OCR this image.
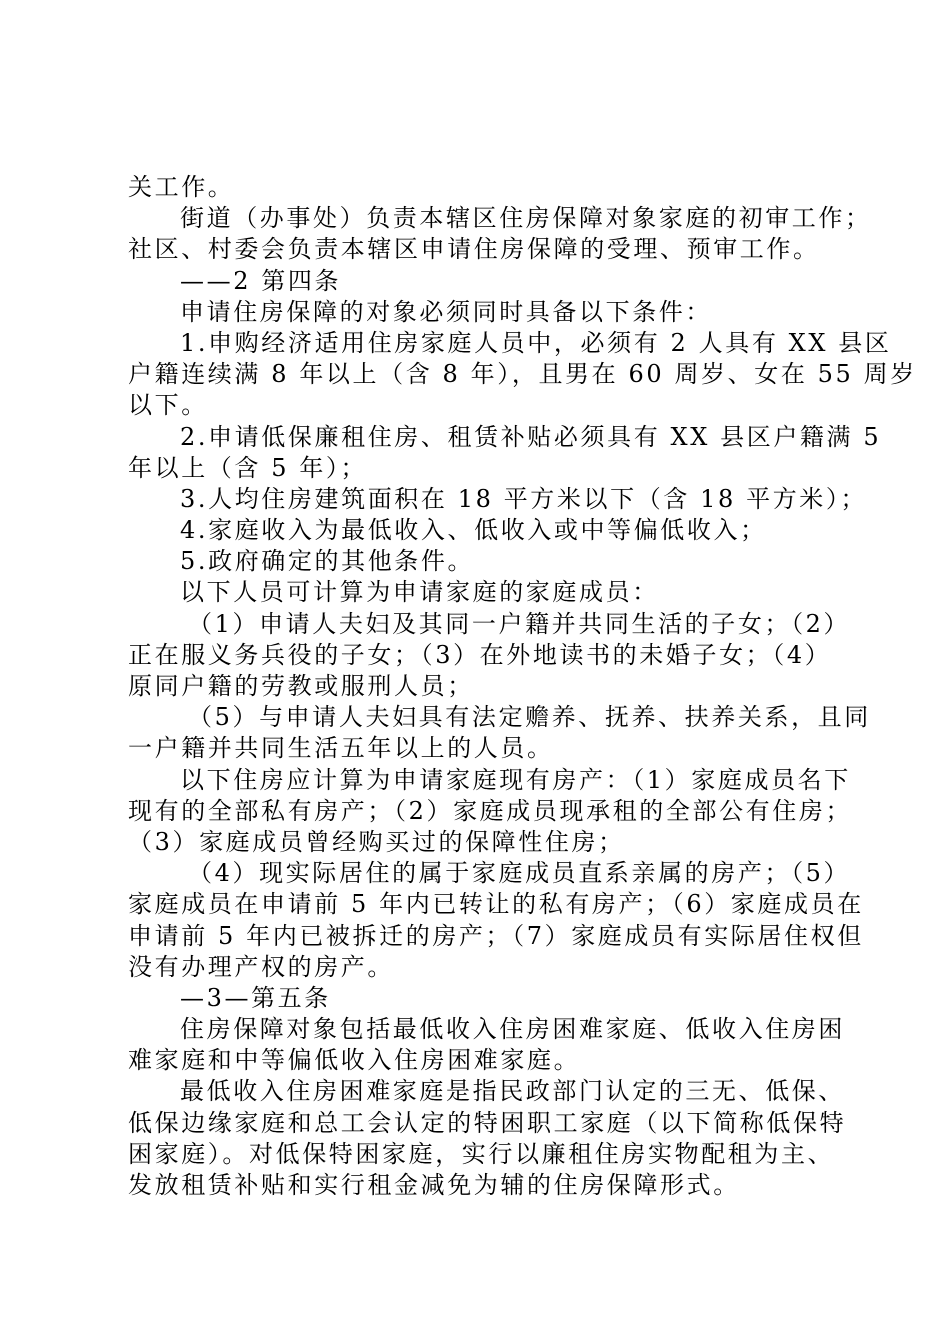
关工作。
街道（办事处）负责本辖区住房保障对象家庭的初审工作；
社区、村委会负责本辖区申请住房保障的受理、预审工作。
——2 第四条
申请住房保障的对象必须同时具备以下条件：
1.申购经济适用住房家庭人员中，必须有 2 人具有 XX 县区
户籍连续满 8 年以上（含 8 年），且男在 60 周岁、女在 55 周岁
以下。
2.申请低保廉租住房、租赁补贴必须具有 XX 县区户籍满 5
年以上（含 5 年）；
3.人均住房建筑面积在 18 平方米以下（含 18 平方米）；
4.家庭收入为最低收入、低收入或中等偏低收入；
5.政府确定的其他条件。
以下人员可计算为申请家庭的家庭成员：
（1）申请人夫妇及其同一户籍并共同生活的子女；（2）
正在服义务兵役的子女；（3）在外地读书的未婚子女；（4）
原同户籍的劳教或服刑人员；
（5）与申请人夫妇具有法定赡养、抚养、扶养关系，且同
一户籍并共同生活五年以上的人员。
以下住房应计算为申请家庭现有房产：（1）家庭成员名下
现有的全部私有房产；（2）家庭成员现承租的全部公有住房；
（3）家庭成员曾经购买过的保障性住房；
（4）现实际居住的属于家庭成员直系亲属的房产；（5）
家庭成员在申请前 5 年内已转让的私有房产；（6）家庭成员在
申请前 5 年内已被拆迁的房产；（7）家庭成员有实际居住权但
没有办理产权的房产。
—3—第五条
住房保障对象包括最低收入住房困难家庭、低收入住房困
难家庭和中等偏低收入住房困难家庭。
最低收入住房困难家庭是指民政部门认定的三无、低保、
低保边缘家庭和总工会认定的特困职工家庭（以下简称低保特
困家庭）。对低保特困家庭，实行以廉租住房实物配租为主、
发放租赁补贴和实行租金减免为辅的住房保障形式。
